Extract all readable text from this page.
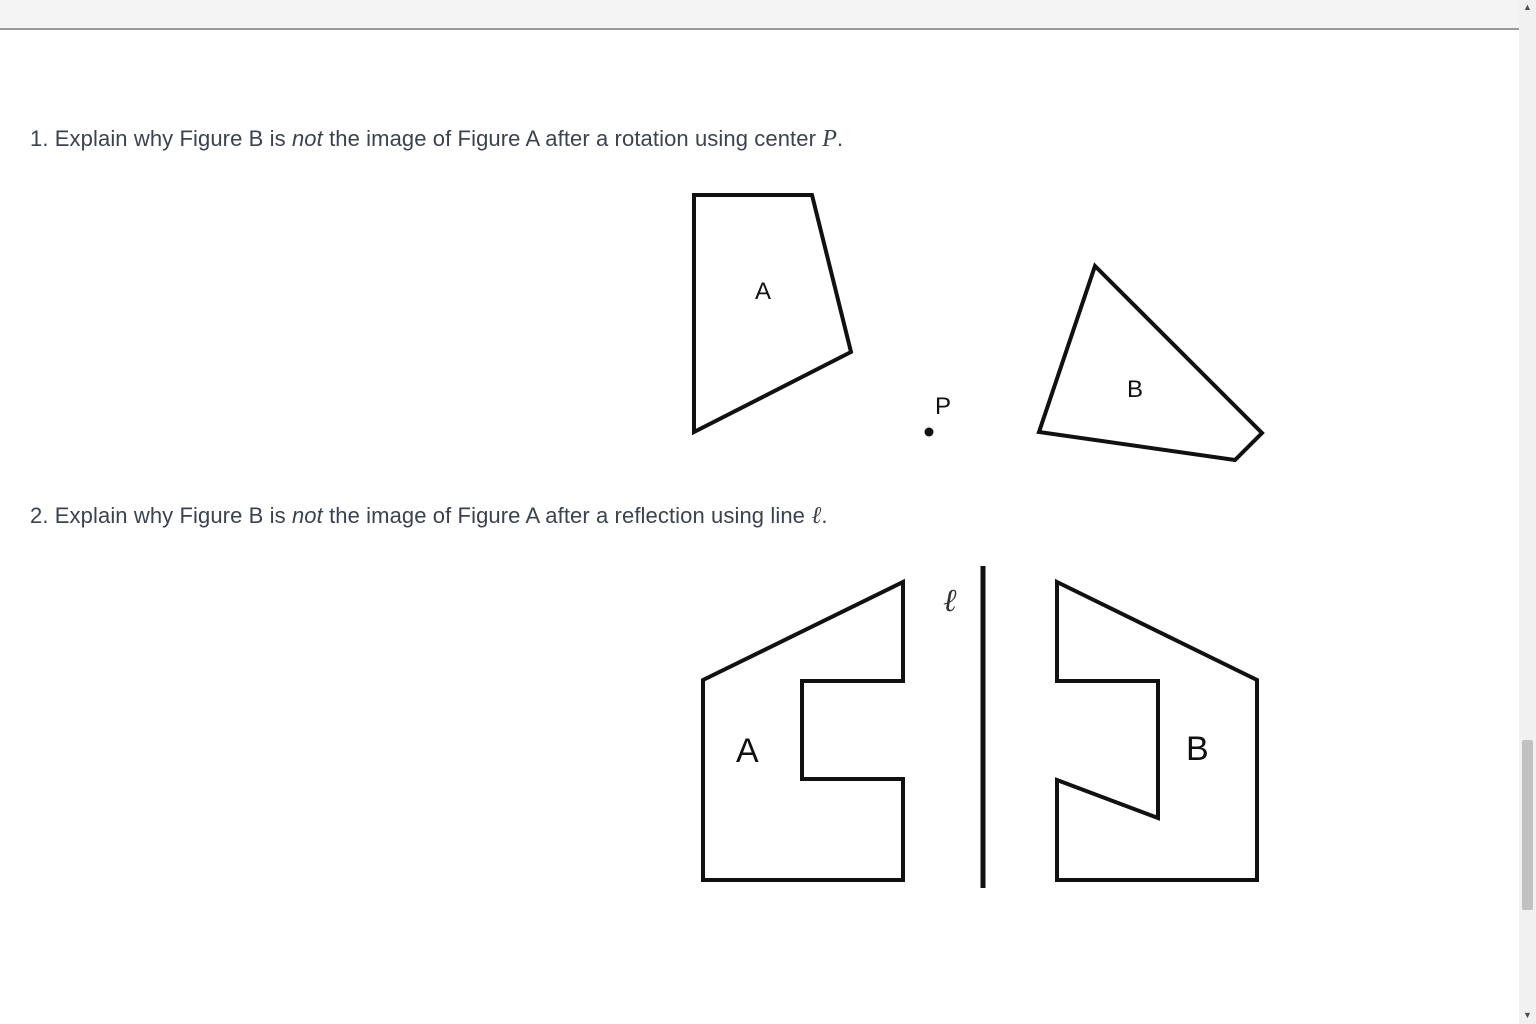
1. Explain why Figure B is not the image of Figure A after a rotation using center P.
2. Explain why Figure B is not the image of Figure A after a reflection using line ℓ.
A
B
P
A
ℓ
B
▲
▼
